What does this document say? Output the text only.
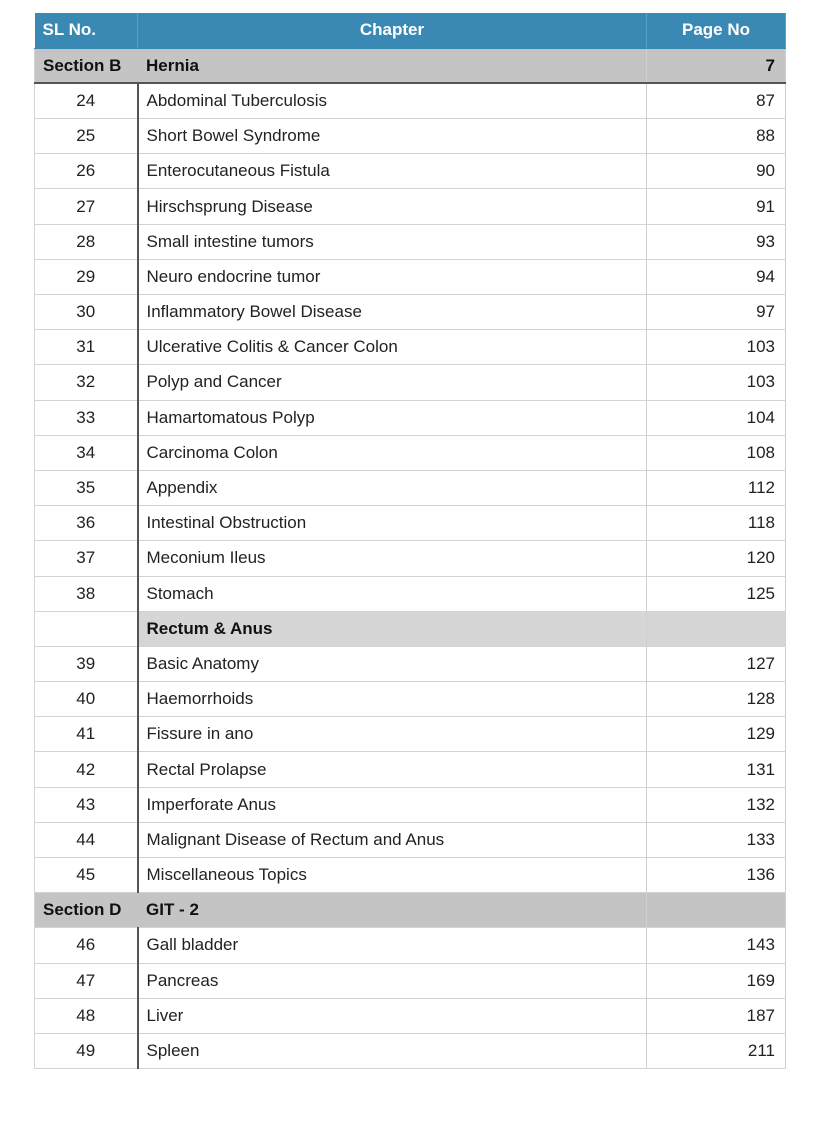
SL No.	Chapter	Page No
Section B	Hernia	7
24	Abdominal Tuberculosis	87
25	Short Bowel Syndrome	88
26	Enterocutaneous Fistula	90
27	Hirschsprung Disease	91
28	Small intestine tumors	93
29	Neuro endocrine tumor	94
30	Inflammatory Bowel Disease	97
31	Ulcerative Colitis & Cancer Colon	103
32	Polyp and Cancer	103
33	Hamartomatous Polyp	104
34	Carcinoma Colon	108
35	Appendix	112
36	Intestinal Obstruction	118
37	Meconium Ileus	120
38	Stomach	125
	Rectum & Anus	
39	Basic Anatomy	127
40	Haemorrhoids	128
41	Fissure in ano	129
42	Rectal Prolapse	131
43	Imperforate Anus	132
44	Malignant Disease of Rectum and Anus	133
45	Miscellaneous Topics	136
Section D	GIT - 2	
46	Gall bladder	143
47	Pancreas	169
48	Liver	187
49	Spleen	211
